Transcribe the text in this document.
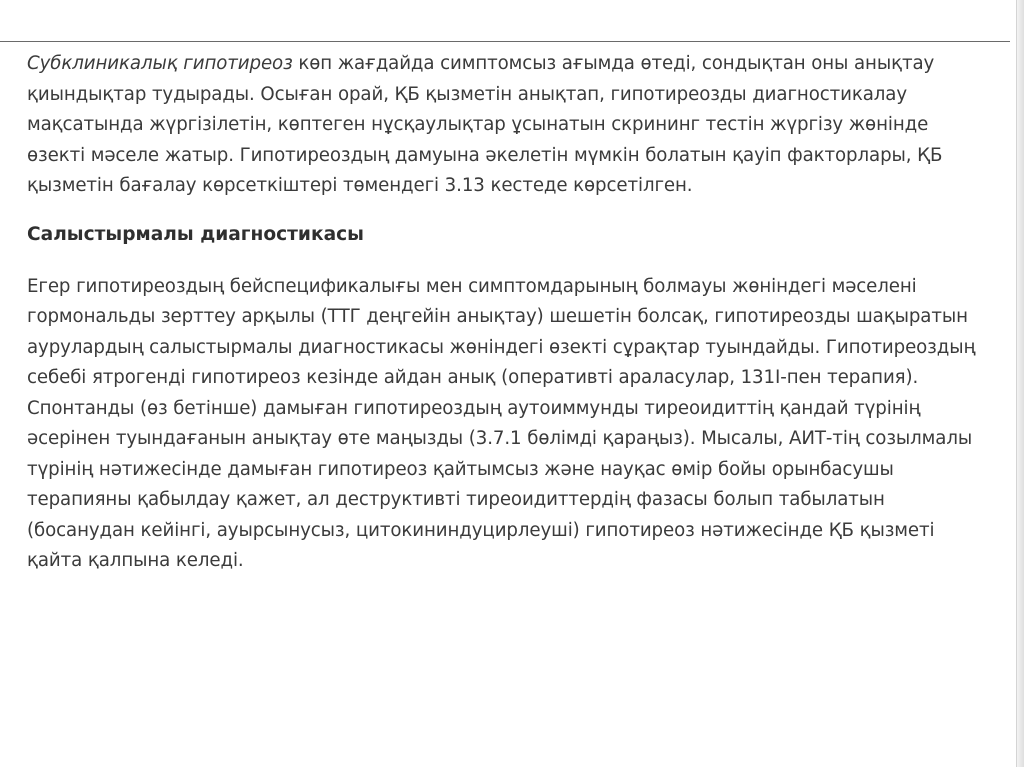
Субклиникалық гипотиреоз көп жағдайда симптомсыз ағымда өтеді, сондықтан оны анықтау қиындықтар тудырады. Осыған орай, ҚБ қызметін анықтап, гипотиреозды диагностикалау мақсатында жүргізілетін, көптеген нұсқаулықтар ұсынатын скрининг тестін жүргізу жөнінде өзекті мәселе жатыр. Гипотиреоздың дамуына әкелетін мүмкін болатын қауіп факторлары, ҚБ қызметін бағалау көрсеткіштері төмендегі 3.13 кестеде көрсетілген.

Салыстырмалы диагностикасы

Егер гипотиреоздың бейспецификалығы мен симптомдарының болмауы жөніндегі мәселені гормональды зерттеу арқылы (ТТГ деңгейін анықтау) шешетін болсақ, гипотиреозды шақыратын аурулардың салыстырмалы диагностикасы жөніндегі өзекті сұрақтар туындайды. Гипотиреоздың себебі ятрогенді гипотиреоз кезінде айдан анық (оперативті араласулар, 131I-пен терапия). Спонтанды (өз бетінше) дамыған гипотиреоздың аутоиммунды тиреоидиттің қандай түрінің әсерінен туындағанын анықтау өте маңызды (3.7.1 бөлімді қараңыз). Мысалы, АИТ-тің созылмалы түрінің нәтижесінде дамыған гипотиреоз қайтымсыз және науқас өмір бойы орынбасушы терапияны қабылдау қажет, ал деструктивті тиреоидиттердің фазасы болып табылатын (босанудан кейінгі, ауырсынусыз, цитокининдуцирлеуші) гипотиреоз нәтижесінде ҚБ қызметі қайта қалпына келеді.
